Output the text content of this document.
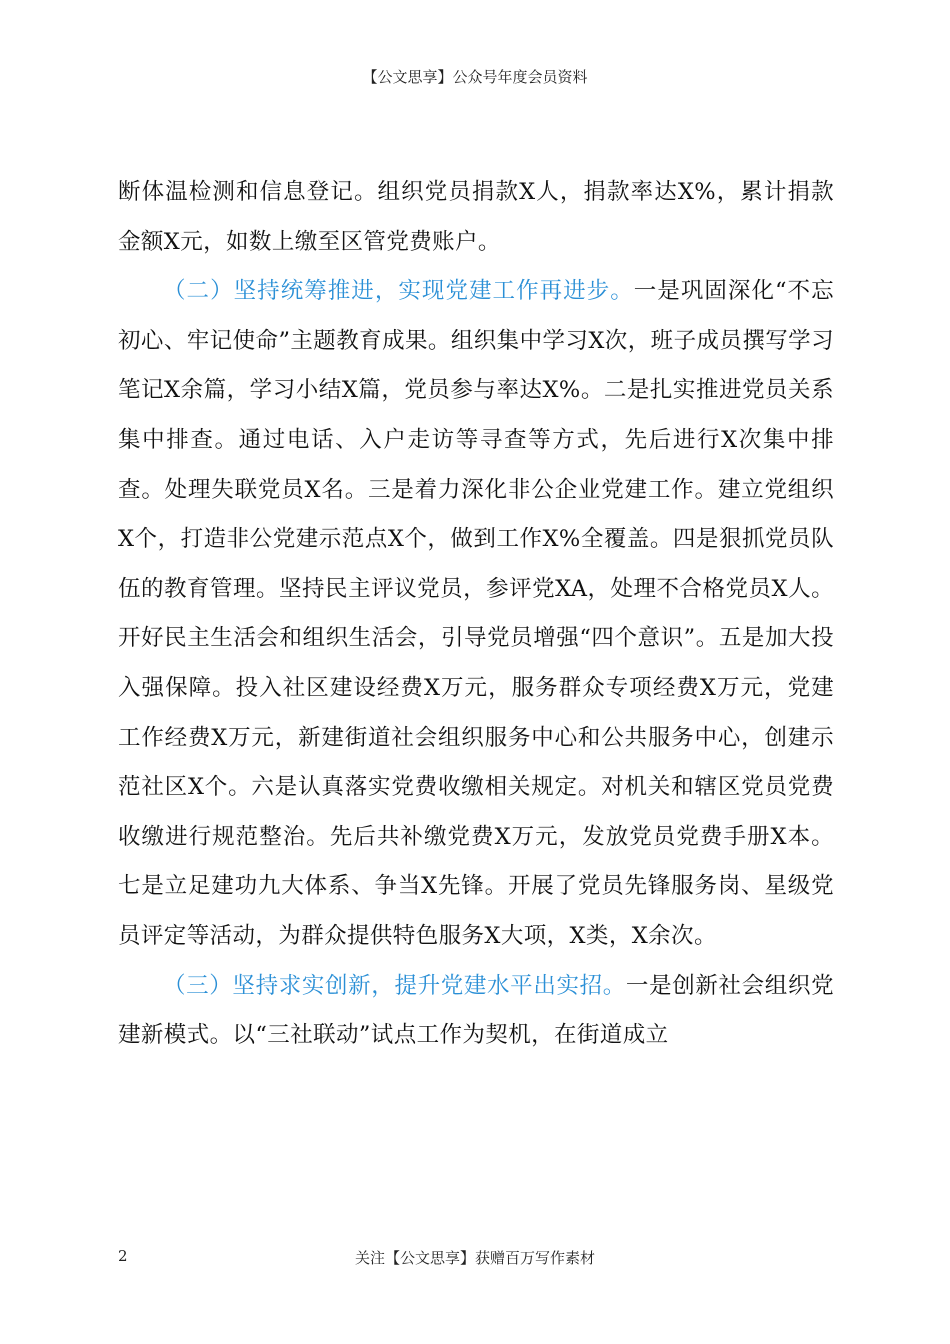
【公文思享】公众号年度会员资料

断体温检测和信息登记。组织党员捐款X人，捐款率达X%，累计捐款金额X元，如数上缴至区管党费账户。

（二）坚持统筹推进，实现党建工作再进步。一是巩固深化“不忘初心、牢记使命”主题教育成果。组织集中学习X次，班子成员撰写学习笔记X余篇，学习小结X篇，党员参与率达X%。二是扎实推进党员关系集中排查。通过电话、入户走访等寻查等方式，先后进行X次集中排查。处理失联党员X名。三是着力深化非公企业党建工作。建立党组织X个，打造非公党建示范点X个，做到工作X%全覆盖。四是狠抓党员队伍的教育管理。坚持民主评议党员，参评党XA，处理不合格党员X人。开好民主生活会和组织生活会，引导党员增强“四个意识”。五是加大投入强保障。投入社区建设经费X万元，服务群众专项经费X万元，党建工作经费X万元，新建街道社会组织服务中心和公共服务中心，创建示范社区X个。六是认真落实党费收缴相关规定。对机关和辖区党员党费收缴进行规范整治。先后共补缴党费X万元，发放党员党费手册X本。七是立足建功九大体系、争当X先锋。开展了党员先锋服务岗、星级党员评定等活动，为群众提供特色服务X大项，X类，X余次。

（三）坚持求实创新，提升党建水平出实招。一是创新社会组织党建新模式。以“三社联动”试点工作为契机，在街道成立

2	关注【公文思享】获赠百万写作素材
